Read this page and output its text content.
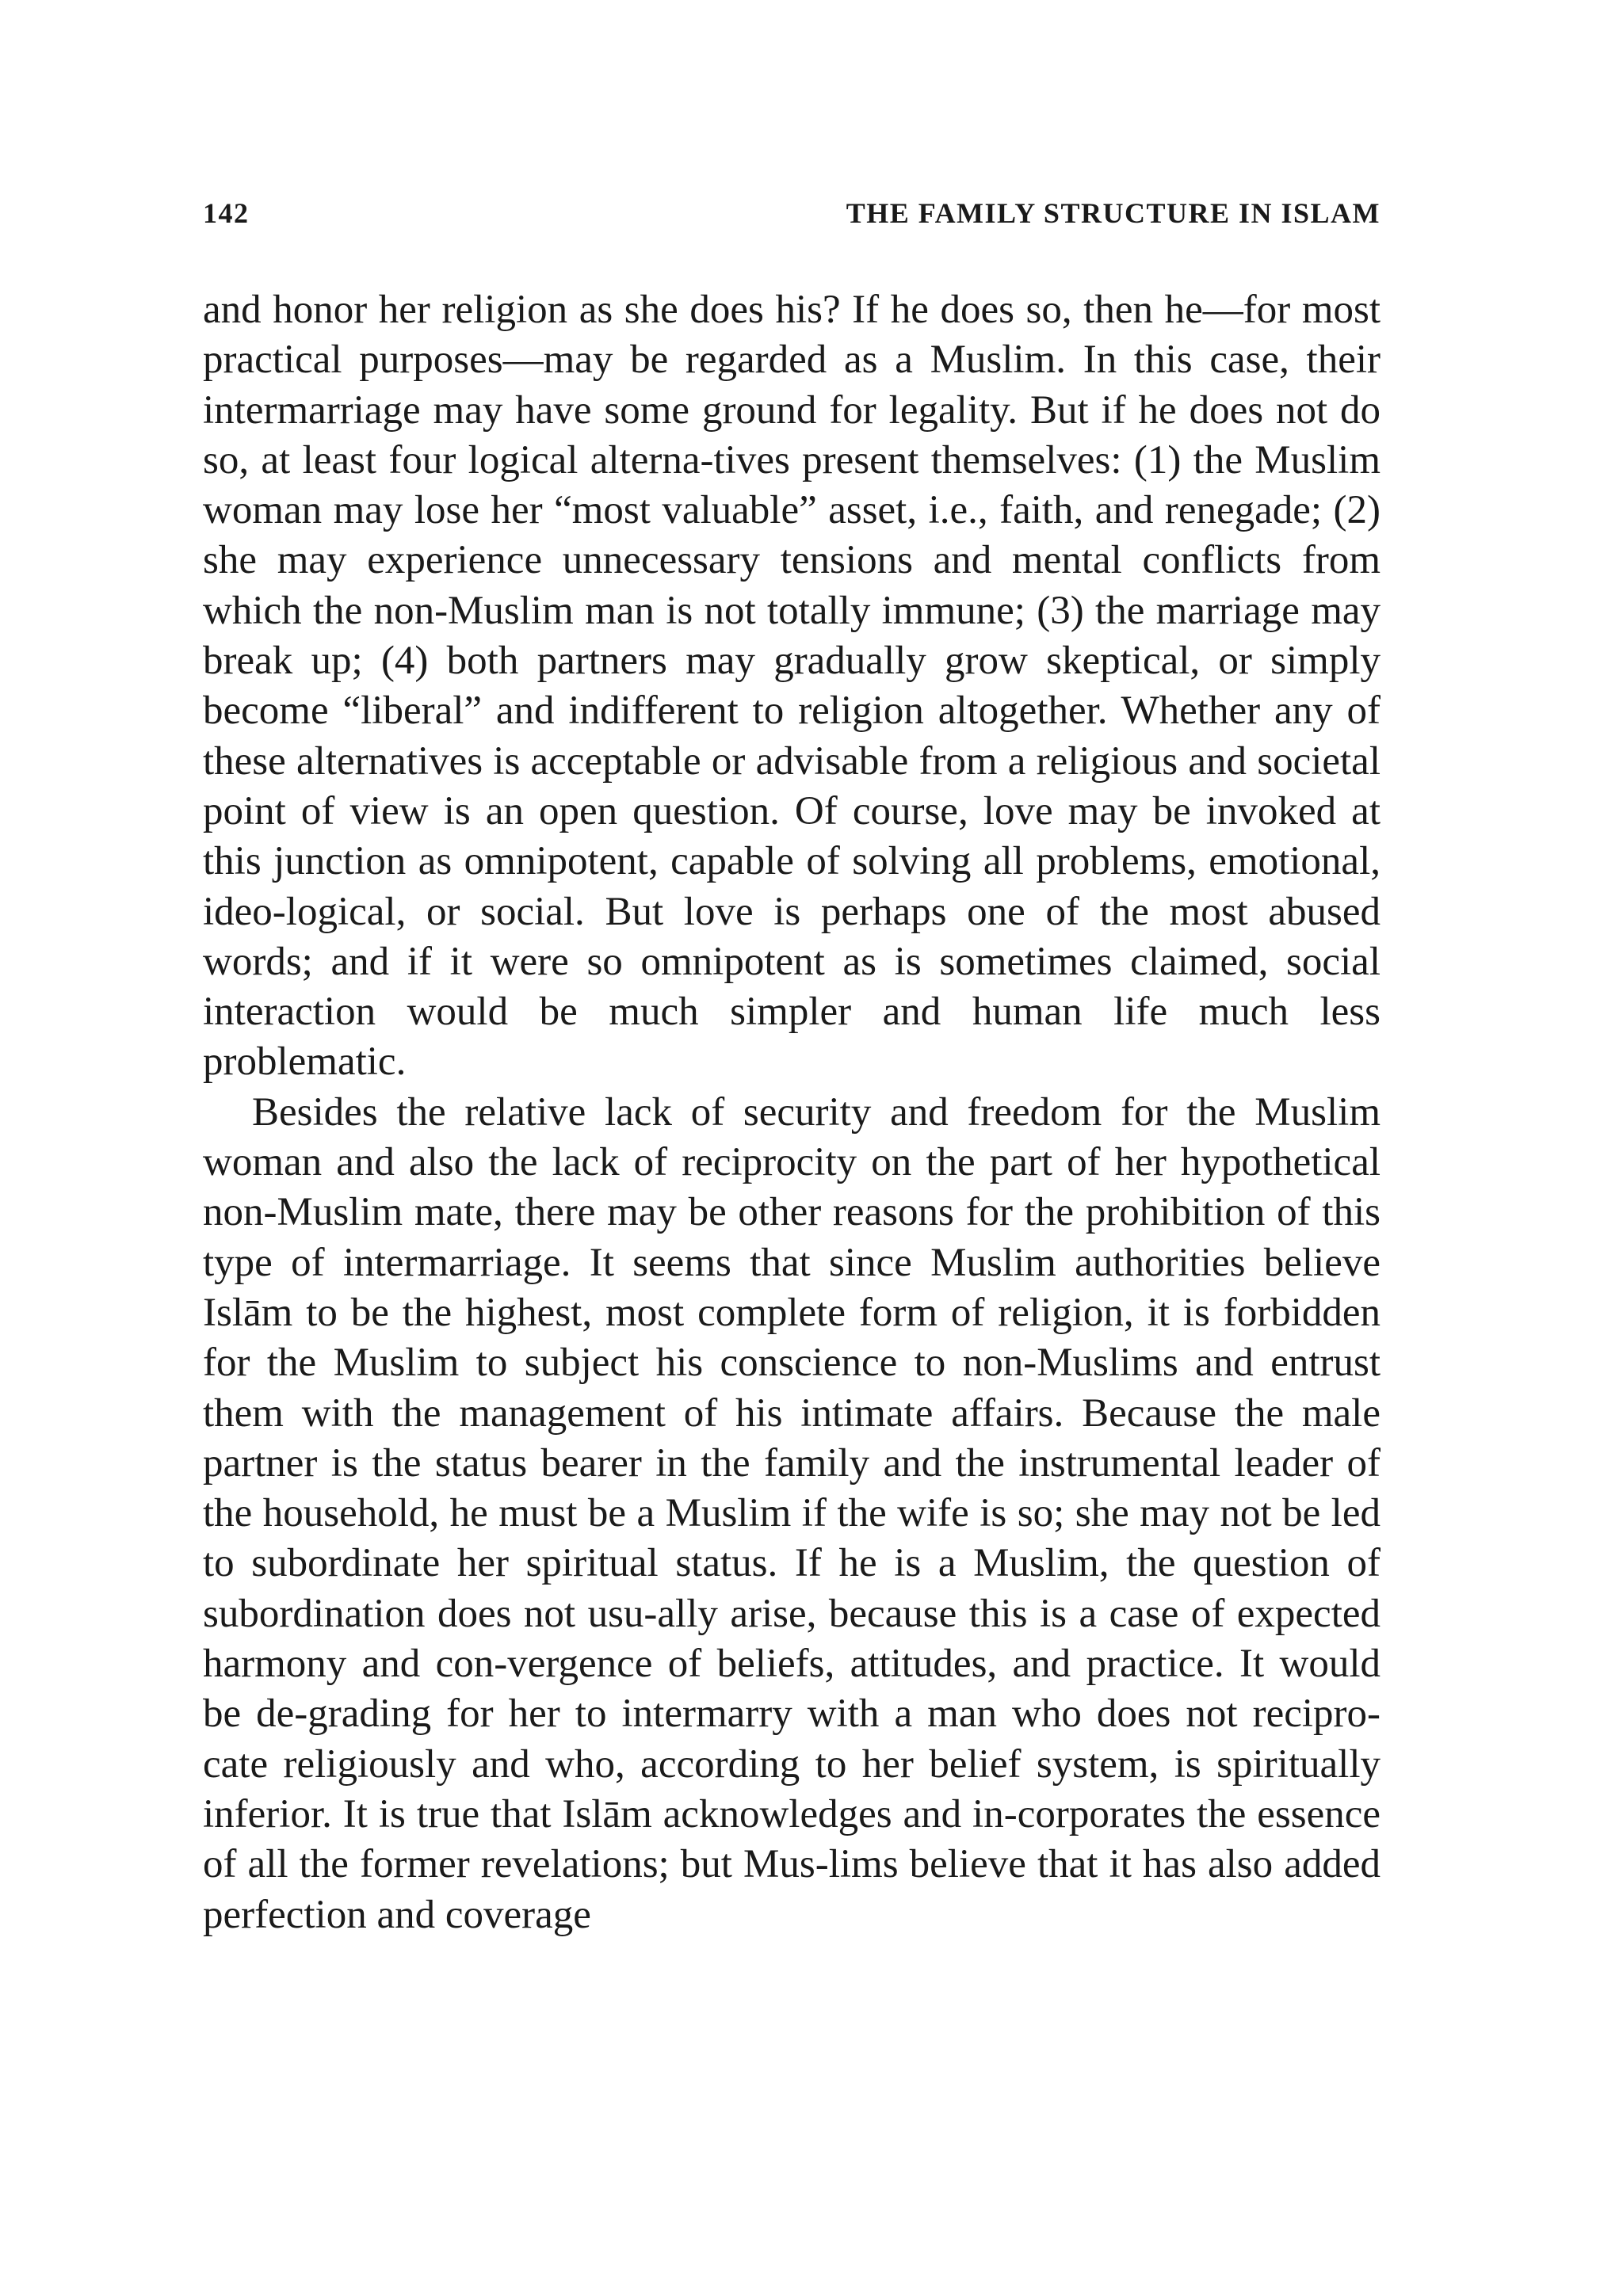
142	THE FAMILY STRUCTURE IN ISLAM

and honor her religion as she does his? If he does so, then he—for most practical purposes—may be regarded as a Muslim. In this case, their intermarriage may have some ground for legality. But if he does not do so, at least four logical alterna-tives present themselves: (1) the Muslim woman may lose her “most valuable” asset, i.e., faith, and renegade; (2) she may experience unnecessary tensions and mental conflicts from which the non-Muslim man is not totally immune; (3) the marriage may break up; (4) both partners may gradually grow skeptical, or simply become “liberal” and indifferent to religion altogether. Whether any of these alternatives is acceptable or advisable from a religious and societal point of view is an open question. Of course, love may be invoked at this junction as omnipotent, capable of solving all problems, emotional, ideo-logical, or social. But love is perhaps one of the most abused words; and if it were so omnipotent as is sometimes claimed, social interaction would be much simpler and human life much less problematic.

Besides the relative lack of security and freedom for the Muslim woman and also the lack of reciprocity on the part of her hypothetical non-Muslim mate, there may be other reasons for the prohibition of this type of intermarriage. It seems that since Muslim authorities believe Islām to be the highest, most complete form of religion, it is forbidden for the Muslim to subject his conscience to non-Muslims and entrust them with the management of his intimate affairs. Because the male partner is the status bearer in the family and the instrumental leader of the household, he must be a Muslim if the wife is so; she may not be led to subordinate her spiritual status. If he is a Muslim, the question of subordination does not usu-ally arise, because this is a case of expected harmony and con-vergence of beliefs, attitudes, and practice. It would be de-grading for her to intermarry with a man who does not recipro-cate religiously and who, according to her belief system, is spiritually inferior. It is true that Islām acknowledges and in-corporates the essence of all the former revelations; but Mus-lims believe that it has also added perfection and coverage
